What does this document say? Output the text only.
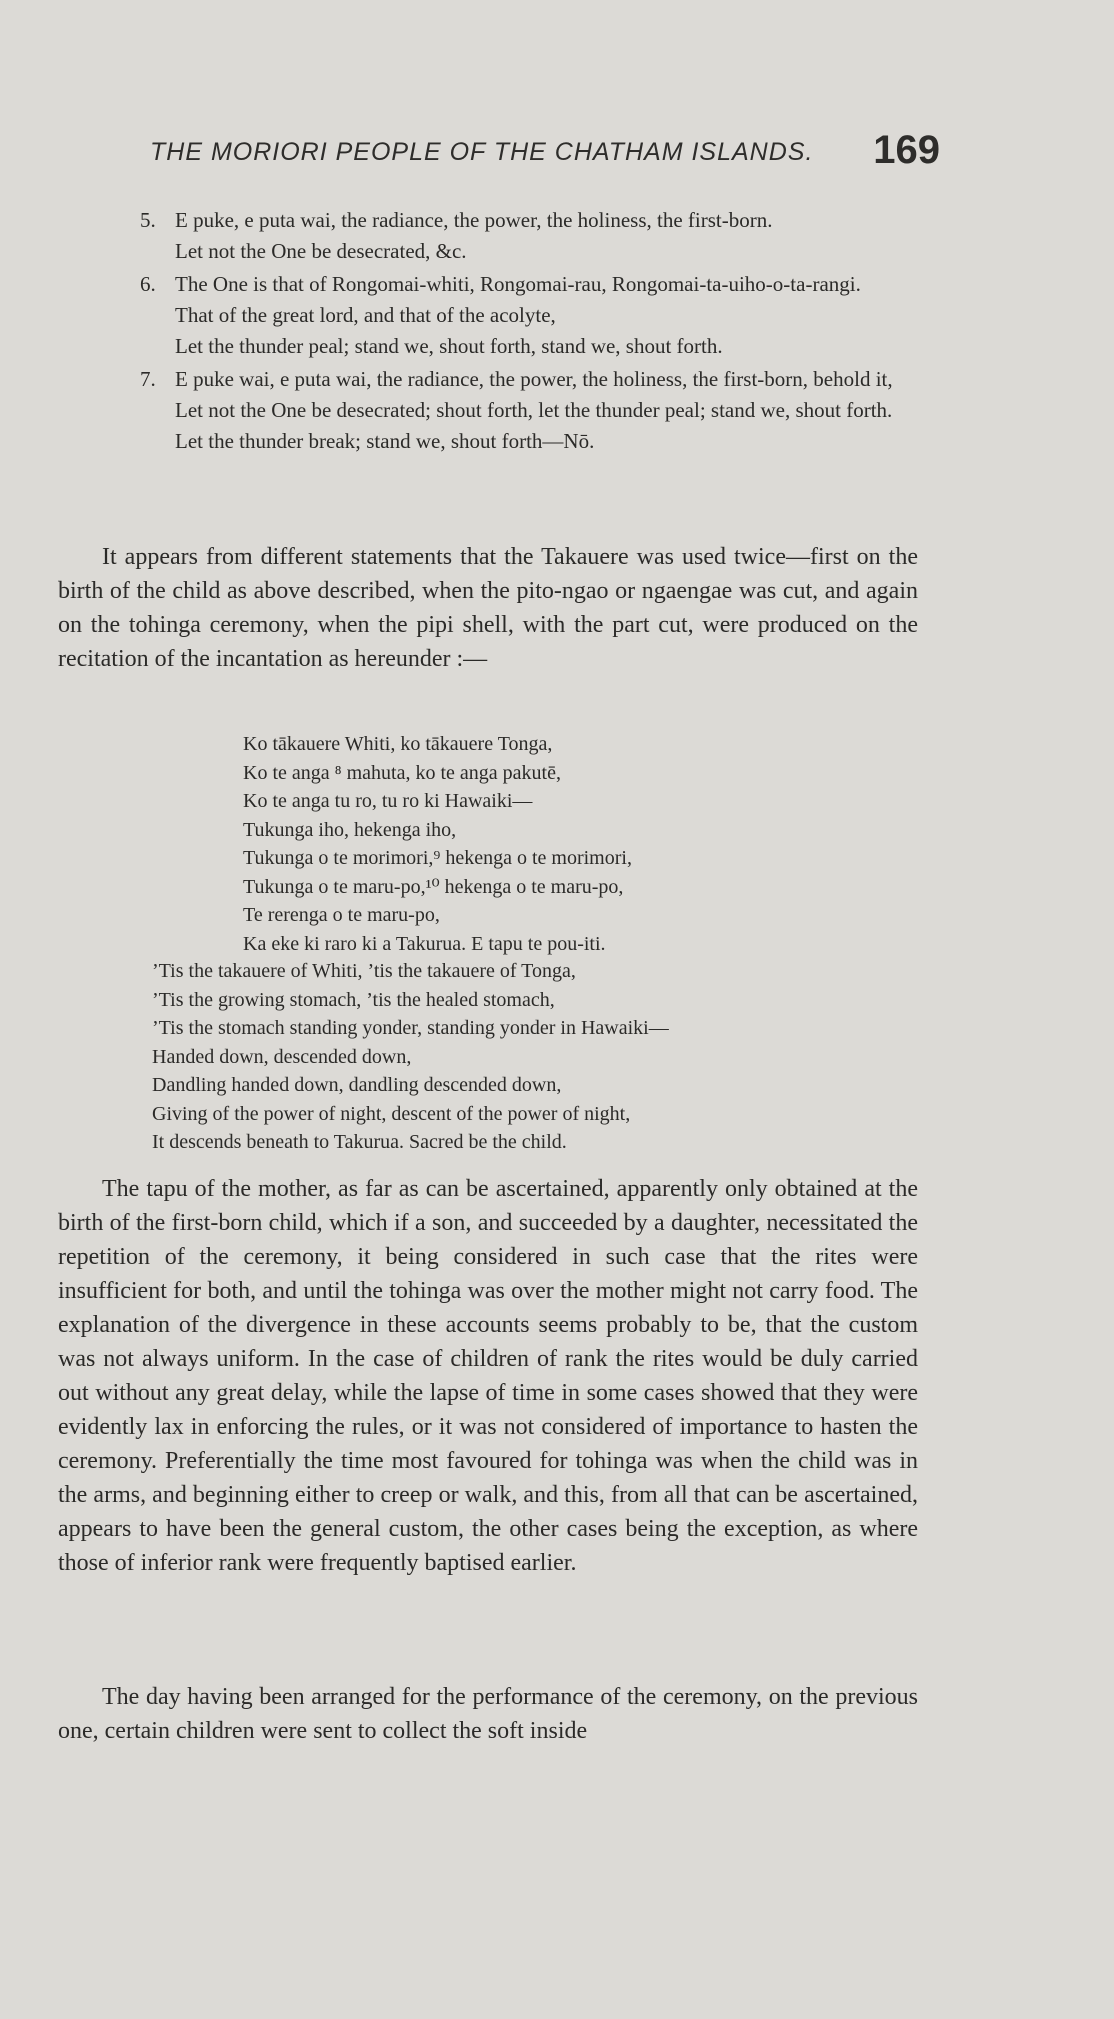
THE MORIORI PEOPLE OF THE CHATHAM ISLANDS. 169
5. E puke, e puta wai, the radiance, the power, the holiness, the first-born.
Let not the One be desecrated, &c.
6. The One is that of Rongomai-whiti, Rongomai-rau, Rongomai-ta-uiho-o-ta-rangi.
That of the great lord, and that of the acolyte,
Let the thunder peal; stand we, shout forth, stand we, shout forth.
7. E puke wai, e puta wai, the radiance, the power, the holiness, the first-born, behold it,
Let not the One be desecrated; shout forth, let the thunder peal; stand we, shout forth.
Let the thunder break; stand we, shout forth—Nō.
It appears from different statements that the Takauere was used twice—first on the birth of the child as above described, when the pito-ngao or ngaengae was cut, and again on the tohinga ceremony, when the pipi shell, with the part cut, were produced on the recitation of the incantation as hereunder :—
Ko tākauere Whiti, ko tākauere Tonga,
Ko te anga ⁸ mahuta, ko te anga pakutē,
Ko te anga tu ro, tu ro ki Hawaiki—
Tukunga iho, hekenga iho,
Tukunga o te morimori,⁹ hekenga o te morimori,
Tukunga o te maru-po,¹⁰ hekenga o te maru-po,
Te rerenga o te maru-po,
Ka eke ki raro ki a Takurua. E tapu te pou-iti.
’Tis the takauere of Whiti, ’tis the takauere of Tonga,
’Tis the growing stomach, ’tis the healed stomach,
’Tis the stomach standing yonder, standing yonder in Hawaiki—
Handed down, descended down,
Dandling handed down, dandling descended down,
Giving of the power of night, descent of the power of night,
It descends beneath to Takurua. Sacred be the child.
The tapu of the mother, as far as can be ascertained, apparently only obtained at the birth of the first-born child, which if a son, and succeeded by a daughter, necessitated the repetition of the ceremony, it being considered in such case that the rites were insufficient for both, and until the tohinga was over the mother might not carry food. The explanation of the divergence in these accounts seems probably to be, that the custom was not always uniform. In the case of children of rank the rites would be duly carried out without any great delay, while the lapse of time in some cases showed that they were evidently lax in enforcing the rules, or it was not considered of importance to hasten the ceremony. Preferentially the time most favoured for tohinga was when the child was in the arms, and beginning either to creep or walk, and this, from all that can be ascertained, appears to have been the general custom, the other cases being the exception, as where those of inferior rank were frequently baptised earlier.
The day having been arranged for the performance of the ceremony, on the previous one, certain children were sent to collect the soft inside
